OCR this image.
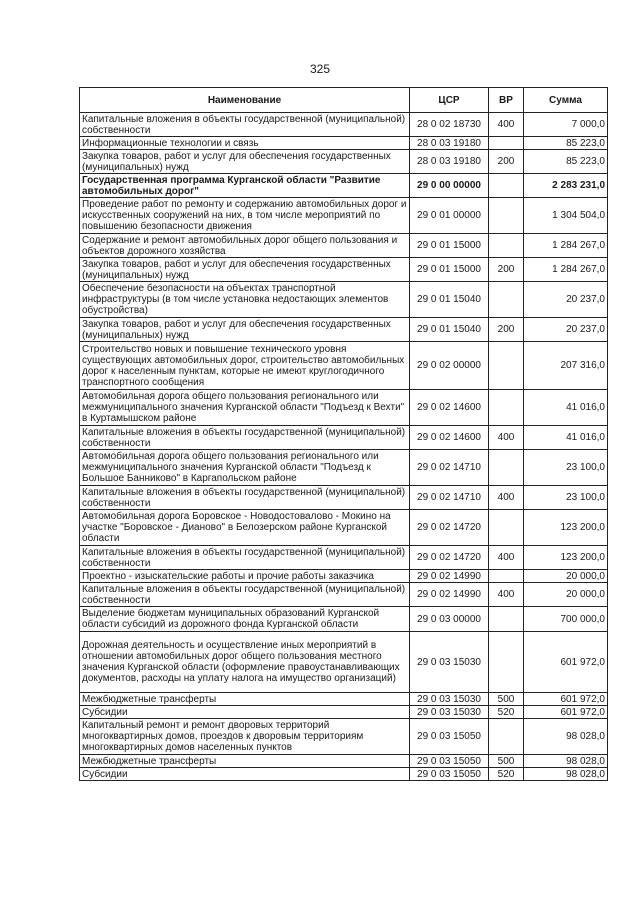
325
Наименование	ЦСР	ВР	Сумма
Капитальные вложения в объекты государственной (муниципальной) собственности	28 0 02 18730	400	7 000,0
Информационные технологии и связь	28 0 03 19180		85 223,0
Закупка товаров, работ и услуг для обеспечения государственных (муниципальных) нужд	28 0 03 19180	200	85 223,0
Государственная программа Курганской области "Развитие автомобильных дорог"	29 0 00 00000		2 283 231,0
Проведение работ по ремонту и содержанию автомобильных дорог и искусственных сооружений на них, в том числе мероприятий по повышению безопасности движения	29 0 01 00000		1 304 504,0
Содержание и ремонт автомобильных дорог общего пользования и объектов дорожного хозяйства	29 0 01 15000		1 284 267,0
Закупка товаров, работ и услуг для обеспечения государственных (муниципальных) нужд	29 0 01 15000	200	1 284 267,0
Обеспечение безопасности на объектах транспортной инфраструктуры (в том числе установка недостающих элементов обустройства)	29 0 01 15040		20 237,0
Закупка товаров, работ и услуг для обеспечения государственных (муниципальных) нужд	29 0 01 15040	200	20 237,0
Строительство новых и повышение технического уровня существующих автомобильных дорог, строительство автомобильных дорог к населенным пунктам, которые не имеют круглогодичного транспортного сообщения	29 0 02 00000		207 316,0
Автомобильная дорога общего пользования регионального или межмуниципального значения Курганской области "Подъезд к Вехти" в Куртамышском районе	29 0 02 14600		41 016,0
Капитальные вложения в объекты государственной (муниципальной) собственности	29 0 02 14600	400	41 016,0
Автомобильная дорога общего пользования регионального или межмуниципального значения Курганской области "Подъезд к Большое Банниково" в Каргапольском районе	29 0 02 14710		23 100,0
Капитальные вложения в объекты государственной (муниципальной) собственности	29 0 02 14710	400	23 100,0
Автомобильная дорога Боровское - Новодостовалово - Мокино на участке "Боровское - Диановo" в Белозерском районе Курганской области	29 0 02 14720		123 200,0
Капитальные вложения в объекты государственной (муниципальной) собственности	29 0 02 14720	400	123 200,0
Проектно - изыскательские работы и прочие работы заказчика	29 0 02 14990		20 000,0
Капитальные вложения в объекты государственной (муниципальной) собственности	29 0 02 14990	400	20 000,0
Выделение бюджетам муниципальных образований Курганской области субсидий из дорожного фонда Курганской области	29 0 03 00000		700 000,0
Дорожная деятельность и осуществление иных мероприятий в отношении автомобильных дорог общего пользования местного значения Курганской области (оформление правоустанавливающих документов, расходы на уплату налога на имущество организаций)	29 0 03 15030		601 972,0
Межбюджетные трансферты	29 0 03 15030	500	601 972,0
Субсидии	29 0 03 15030	520	601 972,0
Капитальный ремонт и ремонт дворовых территорий многоквартирных домов, проездов к дворовым территориям многоквартирных домов населенных пунктов	29 0 03 15050		98 028,0
Межбюджетные трансферты	29 0 03 15050	500	98 028,0
Субсидии	29 0 03 15050	520	98 028,0
